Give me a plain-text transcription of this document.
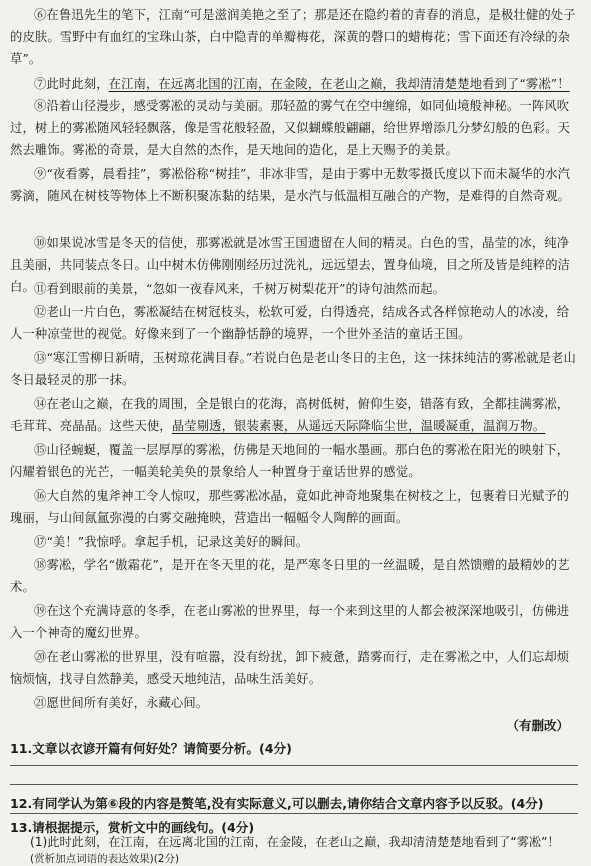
⑥在鲁迅先生的笔下，江南“可是滋润美艳之至了；那是还在隐约着的青春的消息，是极壮健的处子的皮肤。雪野中有血红的宝珠山茶，白中隐青的单瓣梅花，深黄的磬口的蜡梅花；雪下面还有冷绿的杂草”。

⑦此时此刻，在江南，在远离北国的江南，在金陵，在老山之巅，我却清清楚楚地看到了“雾凇”！

⑧沿着山径漫步，感受雾凇的灵动与美丽。那轻盈的雾气在空中缠绵，如同仙境般神秘。一阵风吹过，树上的雾凇随风轻轻飘落，像是雪花般轻盈，又似蝴蝶般翩翩，给世界增添几分梦幻般的色彩。天然去雕饰。雾凇的奇景，是大自然的杰作，是天地间的造化，是上天赐予的美景。

⑨“夜看雾，晨看挂”，雾凇俗称“树挂”，非冰非雪，是由于雾中无数零摄氏度以下而未凝华的水汽雾滴，随风在树枝等物体上不断积聚冻黏的结果，是水汽与低温相互融合的产物，是难得的自然奇观。

⑩如果说冰雪是冬天的信使，那雾凇就是冰雪王国遗留在人间的精灵。白色的雪，晶莹的冰，纯净且美丽，共同装点冬日。山中树木仿佛刚刚经历过洗礼，远远望去，置身仙境，目之所及皆是纯粹的洁白。 ⑪看到眼前的美景，“忽如一夜春风来，千树万树梨花开”的诗句油然而起。

⑫老山一片白色，雾凇凝结在树冠枝头，松软可爱，白得透亮，结成各式各样惊艳动人的冰凌，给人一种凉莹世的视觉。好像来到了一个幽静恬静的境界，一个世外圣洁的童话王国。

⑬“寒江雪柳日新晴，玉树琼花满目春。”若说白色是老山冬日的主色，这一抹抹纯洁的雾凇就是老山冬日最轻灵的那一抹。

⑭在老山之巅，在我的周围，全是银白的花海，高树低树，俯仰生姿，错落有致，全都挂满雾凇，毛茸茸、亮晶晶。这些天使，晶莹剔透，银装素裹，从遥远天际降临尘世，温暖凝重，温润万物。

⑮山径蜿蜒，覆盖一层厚厚的雾凇，仿佛是天地间的一幅水墨画。那白色的雾凇在阳光的映射下，闪耀着银色的光芒，一幅美轮美奂的景象给人一种置身于童话世界的感觉。

⑯大自然的鬼斧神工令人惊叹，那些雾凇冰晶，竟如此神奇地聚集在树枝之上，包裹着日光赋予的瑰丽，与山间氤氲弥漫的白雾交融掩映，营造出一幅幅令人陶醉的画面。

⑰“美！”我惊呼。拿起手机，记录这美好的瞬间。

⑱雾凇，学名“傲霜花”，是开在冬天里的花，是严寒冬日里的一丝温暖，是自然馈赠的最精妙的艺术。

⑲在这个充满诗意的冬季，在老山雾凇的世界里，每一个来到这里的人都会被深深地吸引，仿佛进入一个神奇的魔幻世界。

⑳在老山雾凇的世界里，没有喧嚣，没有纷扰，卸下疲惫，踏雾而行，走在雾凇之中，人们忘却烦恼烦恼，找寻自然静美，感受天地纯洁，品味生活美好。

㉑愿世间所有美好，永藏心间。

（有删改）

11.文章以衣谚开篇有何好处？请简要分析。(4分)

12.有同学认为第⑥段的内容是赘笔,没有实际意义,可以删去,请你结合文章内容予以反驳。(4分)

13.请根据提示，赏析文中的画线句。(4分)

(1)此时此刻，在江南，在远离北国的江南，在金陵，在老山之巅，我却清清楚楚地看到了“雾凇”！

(赏析加点词语的表达效果)(2分)
